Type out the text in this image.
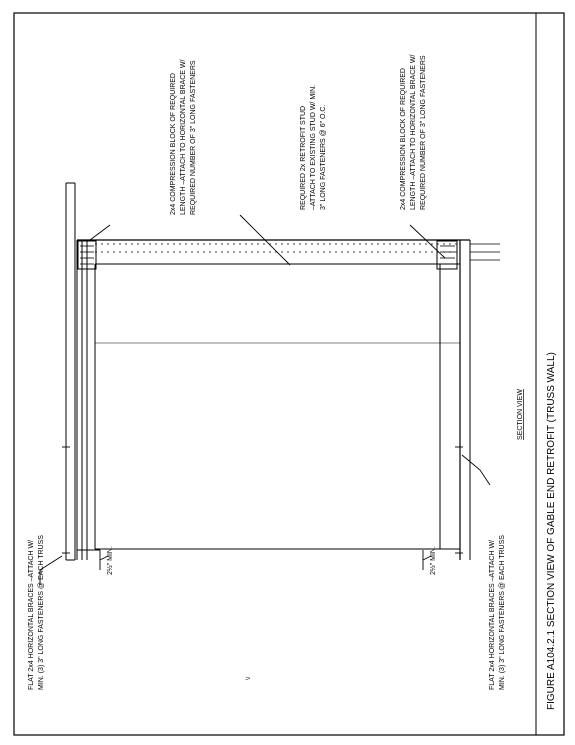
FLAT 2x4 HORIZONTAL BRACES –ATTACH W/ MIN. (3) 3" LONG FASTENERS @ EACH TRUSS
2x4 COMPRESSION BLOCK OF REQUIRED LENGTH –ATTACH TO HORIZONTAL BRACE W/ REQUIRED NUMBER OF 3" LONG FASTENERS	REQUIRED 2x RETROFIT STUD –ATTACH TO EXISTING STUD W/ MIN. 3" LONG FASTENERS @ 6" O.C.	2x4 COMPRESSION BLOCK OF REQUIRED LENGTH –ATTACH TO HORIZONTAL BRACE W/ REQUIRED NUMBER OF 3" LONG FASTENERS
FLAT 2x4 HORIZONTAL BRACES –ATTACH W/ MIN. (3) 3" LONG FASTENERS @ EACH TRUSS
2½" MIN.	2½" MIN.
SECTION VIEW
\/	FIGURE A104.2.1 SECTION VIEW OF GABLE END RETROFIT (TRUSS WALL)
